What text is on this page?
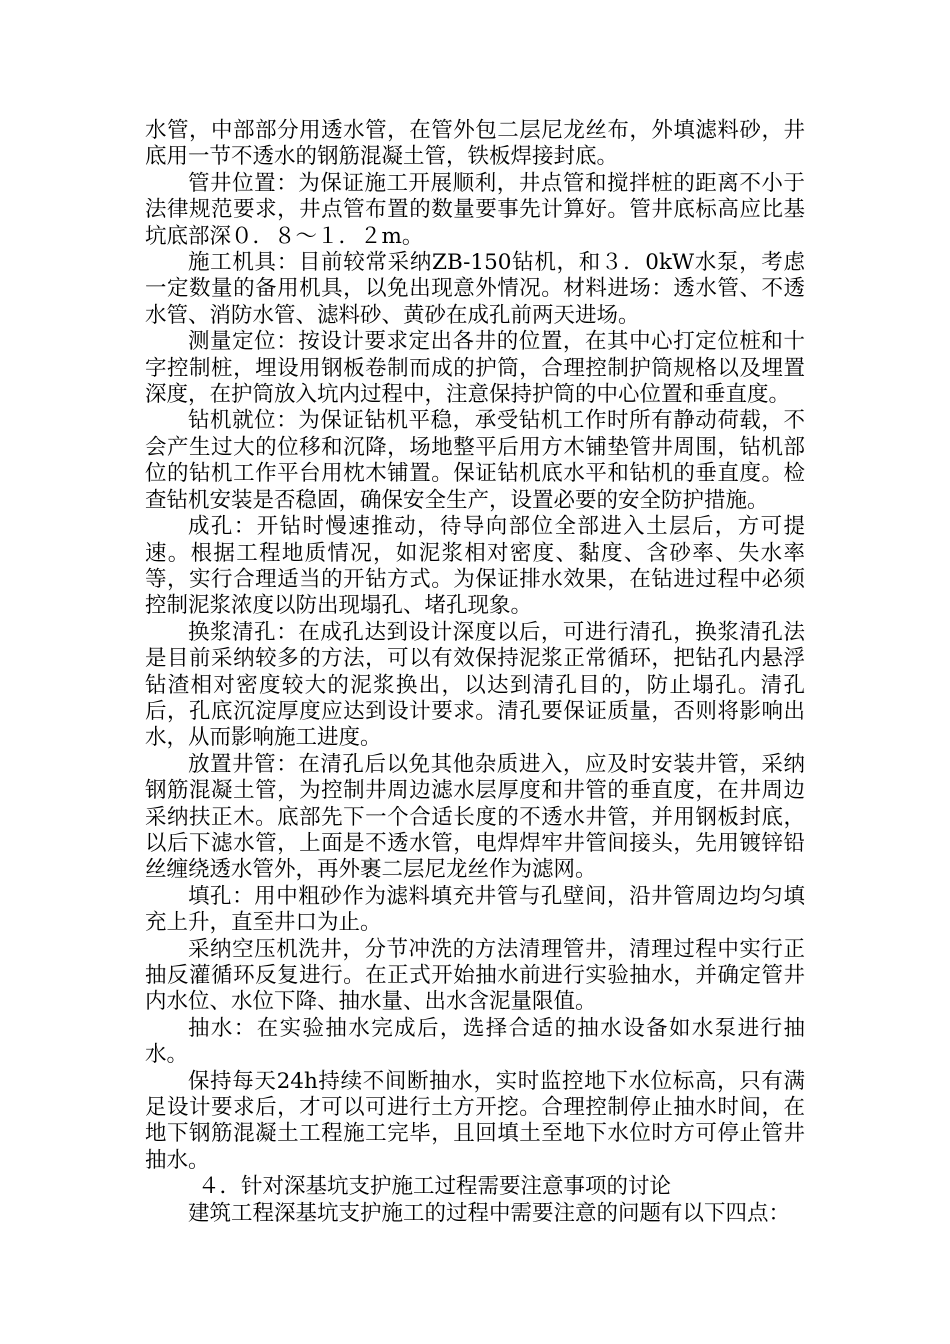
水管，中部部分用透水管，在管外包二层尼龙丝布，外填滤料砂，井底用一节不透水的钢筋混凝土管，铁板焊接封底。

管井位置：为保证施工开展顺利，井点管和搅拌桩的距离不小于法律规范要求，井点管布置的数量要事先计算好。管井底标高应比基坑底部深０．８～１．２m。

施工机具：目前较常采纳ZB-150钻机，和３．0kW水泵，考虑一定数量的备用机具，以免出现意外情况。材料进场：透水管、不透水管、消防水管、滤料砂、黄砂在成孔前两天进场。

测量定位：按设计要求定出各井的位置，在其中心打定位桩和十字控制桩，埋设用钢板卷制而成的护筒，合理控制护筒规格以及埋置深度，在护筒放入坑内过程中，注意保持护筒的中心位置和垂直度。

钻机就位：为保证钻机平稳，承受钻机工作时所有静动荷载，不会产生过大的位移和沉降，场地整平后用方木铺垫管井周围，钻机部位的钻机工作平台用枕木铺置。保证钻机底水平和钻机的垂直度。检查钻机安装是否稳固，确保安全生产，设置必要的安全防护措施。

成孔：开钻时慢速推动，待导向部位全部进入土层后，方可提速。根据工程地质情况，如泥浆相对密度、黏度、含砂率、失水率等，实行合理适当的开钻方式。为保证排水效果，在钻进过程中必须控制泥浆浓度以防出现塌孔、堵孔现象。

换浆清孔：在成孔达到设计深度以后，可进行清孔，换浆清孔法是目前采纳较多的方法，可以有效保持泥浆正常循环，把钻孔内悬浮钻渣相对密度较大的泥浆换出，以达到清孔目的，防止塌孔。清孔后，孔底沉淀厚度应达到设计要求。清孔要保证质量，否则将影响出水，从而影响施工进度。

放置井管：在清孔后以免其他杂质进入，应及时安装井管，采纳钢筋混凝土管，为控制井周边滤水层厚度和井管的垂直度，在井周边采纳扶正木。底部先下一个合适长度的不透水井管，并用钢板封底，以后下滤水管，上面是不透水管，电焊焊牢井管间接头，先用镀锌铅丝缠绕透水管外，再外裹二层尼龙丝作为滤网。

填孔：用中粗砂作为滤料填充井管与孔壁间，沿井管周边均匀填充上升，直至井口为止。

采纳空压机洗井，分节冲洗的方法清理管井，清理过程中实行正抽反灌循环反复进行。在正式开始抽水前进行实验抽水，并确定管井内水位、水位下降、抽水量、出水含泥量限值。

抽水：在实验抽水完成后，选择合适的抽水设备如水泵进行抽水。

保持每天24h持续不间断抽水，实时监控地下水位标高，只有满足设计要求后，才可以可进行土方开挖。合理控制停止抽水时间，在地下钢筋混凝土工程施工完毕，且回填土至地下水位时方可停止管井抽水。

４．针对深基坑支护施工过程需要注意事项的讨论

建筑工程深基坑支护施工的过程中需要注意的问题有以下四点：
